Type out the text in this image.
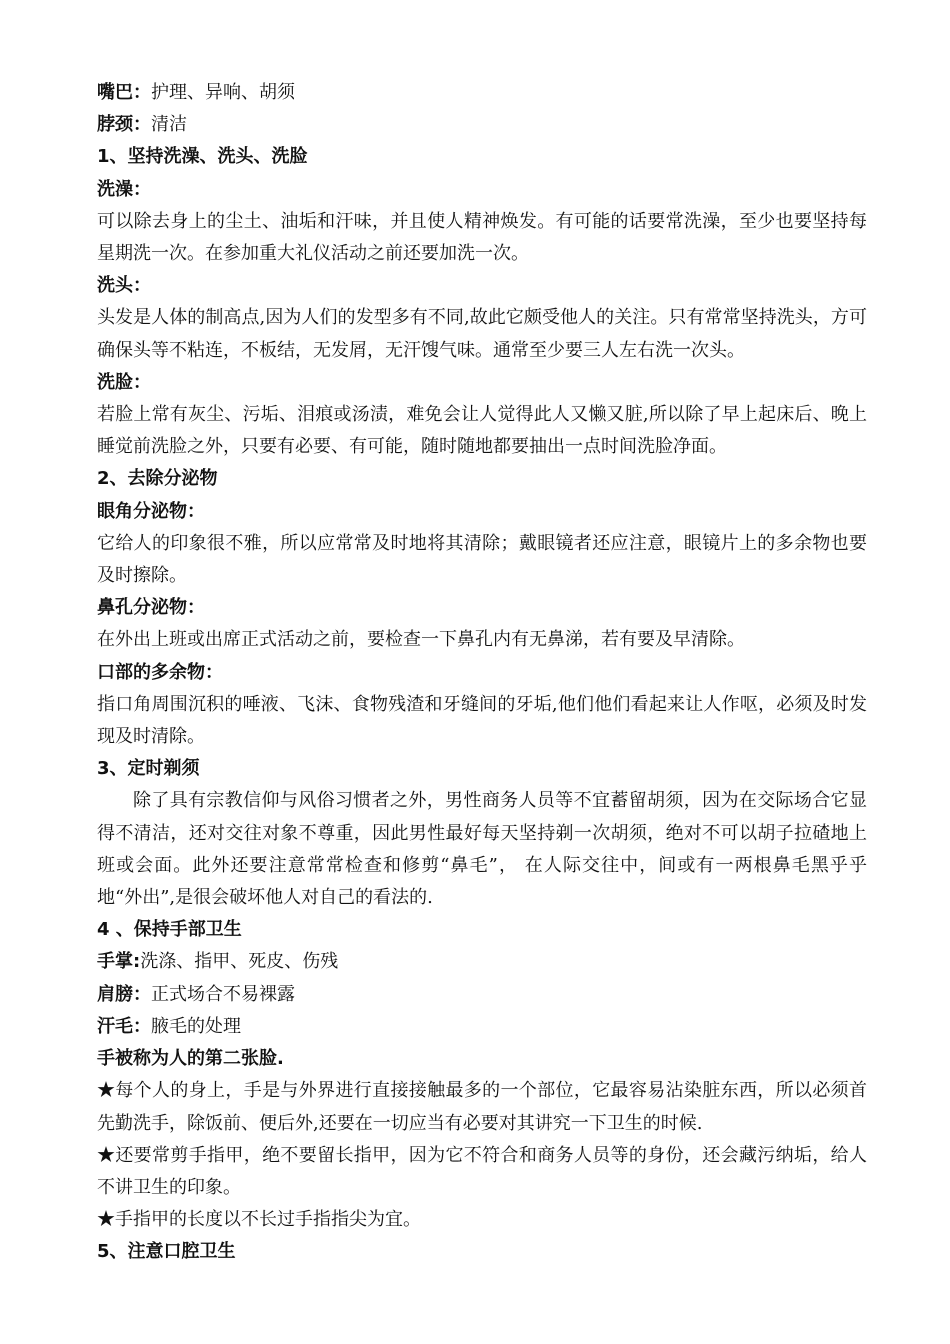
嘴巴：护理、异响、胡须

脖颈：清洁

1、坚持洗澡、洗头、洗脸

洗澡：

可以除去身上的尘土、油垢和汗味，并且使人精神焕发。有可能的话要常洗澡，至少也要坚持每星期洗一次。在参加重大礼仪活动之前还要加洗一次。

洗头：

头发是人体的制高点,因为人们的发型多有不同,故此它颇受他人的关注。只有常常坚持洗头，方可确保头等不粘连，不板结，无发屑，无汗馊气味。通常至少要三人左右洗一次头。

洗脸：

若脸上常有灰尘、污垢、泪痕或汤渍，难免会让人觉得此人又懒又脏,所以除了早上起床后、晚上睡觉前洗脸之外，只要有必要、有可能，随时随地都要抽出一点时间洗脸净面。

2、去除分泌物

眼角分泌物：

它给人的印象很不雅，所以应常常及时地将其清除；戴眼镜者还应注意，眼镜片上的多余物也要及时擦除。

鼻孔分泌物：

在外出上班或出席正式活动之前，要检查一下鼻孔内有无鼻涕，若有要及早清除。

口部的多余物：

指口角周围沉积的唾液、飞沫、食物残渣和牙缝间的牙垢,他们他们看起来让人作呕，必须及时发现及时清除。

3、定时剃须

除了具有宗教信仰与风俗习惯者之外，男性商务人员等不宜蓄留胡须，因为在交际场合它显得不清洁，还对交往对象不尊重，因此男性最好每天坚持剃一次胡须，绝对不可以胡子拉碴地上班或会面。此外还要注意常常检查和修剪“鼻毛”， 在人际交往中，间或有一两根鼻毛黑乎乎地“外出”,是很会破坏他人对自己的看法的.

4 、保持手部卫生

手掌:洗涤、指甲、死皮、伤残

肩膀：正式场合不易裸露

汗毛：腋毛的处理

手被称为人的第二张脸.

★每个人的身上，手是与外界进行直接接触最多的一个部位，它最容易沾染脏东西，所以必须首先勤洗手，除饭前、便后外,还要在一切应当有必要对其讲究一下卫生的时候.

★还要常剪手指甲，绝不要留长指甲，因为它不符合和商务人员等的身份，还会藏污纳垢，给人不讲卫生的印象。

★手指甲的长度以不长过手指指尖为宜。

5、注意口腔卫生
